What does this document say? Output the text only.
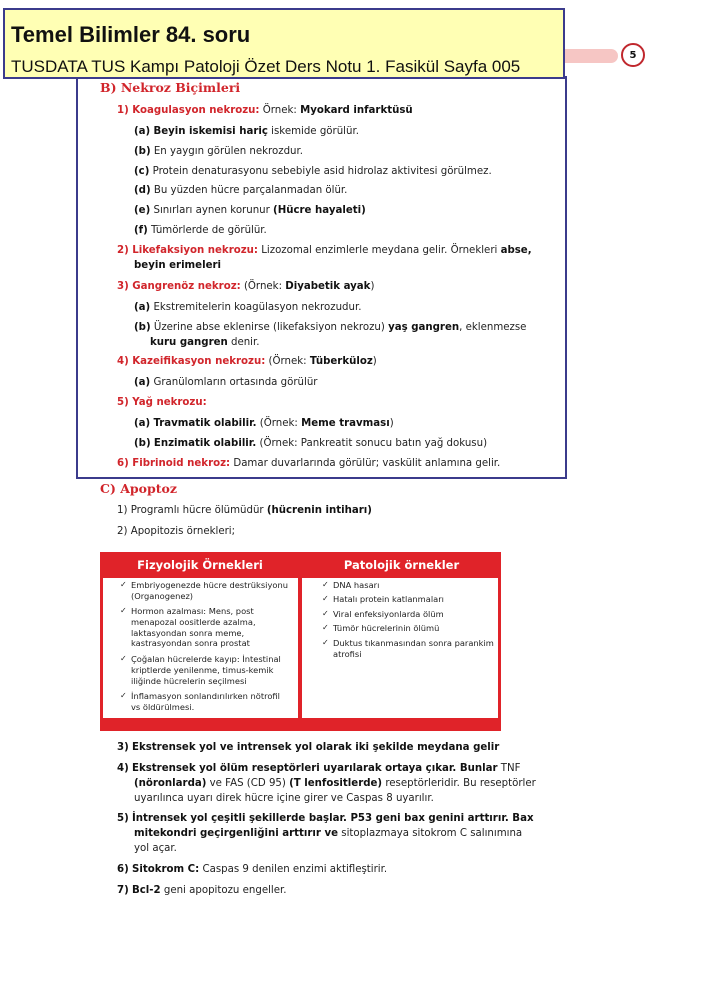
Temel Bilimler 84. soru
TUSDATA TUS Kampı Patoloji Özet Ders Notu 1. Fasikül Sayfa 005
5
B) Nekroz Biçimleri
1) Koagulasyon nekrozu: Örnek: Myokard infarktüsü
(a) Beyin iskemisi hariç iskemide görülür.
(b) En yaygın görülen nekrozdur.
(c) Protein denaturasyonu sebebiyle asid hidrolaz aktivitesi görülmez.
(d) Bu yüzden hücre parçalanmadan ölür.
(e) Sınırları aynen korunur (Hücre hayaleti)
(f) Tümörlerde de görülür.
2) Likefaksiyon nekrozu: Lizozomal enzimlerle meydana gelir. Örnekleri abse,
beyin erimeleri
3) Gangrenöz nekroz: (Örnek: Diyabetik ayak)
(a) Ekstremitelerin koagülasyon nekrozudur.
(b) Üzerine abse eklenirse (likefaksiyon nekrozu) yaş gangren, eklenmezse
kuru gangren denir.
4) Kazeifikasyon nekrozu: (Örnek: Tüberküloz)
(a) Granülomların ortasında görülür
5) Yağ nekrozu:
(a) Travmatik olabilir. (Örnek: Meme travması)
(b) Enzimatik olabilir. (Örnek: Pankreatit sonucu batın yağ dokusu)
6) Fibrinoid nekroz: Damar duvarlarında görülür; vaskülit anlamına gelir.
C) Apoptoz
1) Programlı hücre ölümüdür (hücrenin intiharı)
2) Apopitozis örnekleri;
Fizyolojik Örnekleri	Patolojik örnekler
✓ Embriyogenezde hücre destrüksiyonu
(Organogenez)
✓ Hormon azalması: Mens, post
menapozal oositlerde azalma,
laktasyondan sonra meme,
kastrasyondan sonra prostat
✓ Çoğalan hücrelerde kayıp: İntestinal
kriptlerde yenilenme, timus-kemik
iliğinde hücrelerin seçilmesi
✓ İnflamasyon sonlandırılırken nötrofil
vs öldürülmesi.
✓ DNA hasarı
✓ Hatalı protein katlanmaları
✓ Viral enfeksiyonlarda ölüm
✓ Tümör hücrelerinin ölümü
✓ Duktus tıkanmasından sonra parankim
atrofisi
3) Ekstrensek yol ve intrensek yol olarak iki şekilde meydana gelir
4) Ekstrensek yol ölüm reseptörleri uyarılarak ortaya çıkar. Bunlar TNF
(nöronlarda) ve FAS (CD 95) (T lenfositlerde) reseptörleridir. Bu reseptörler
uyarılınca uyarı direk hücre içine girer ve Caspas 8 uyarılır.
5) İntrensek yol çeşitli şekillerde başlar. P53 geni bax genini arttırır. Bax
mitekondri geçirgenliğini arttırır ve sitoplazmaya sitokrom C salınımına
yol açar.
6) Sitokrom C: Caspas 9 denilen enzimi aktifleştirir.
7) Bcl-2 geni apopitozu engeller.
